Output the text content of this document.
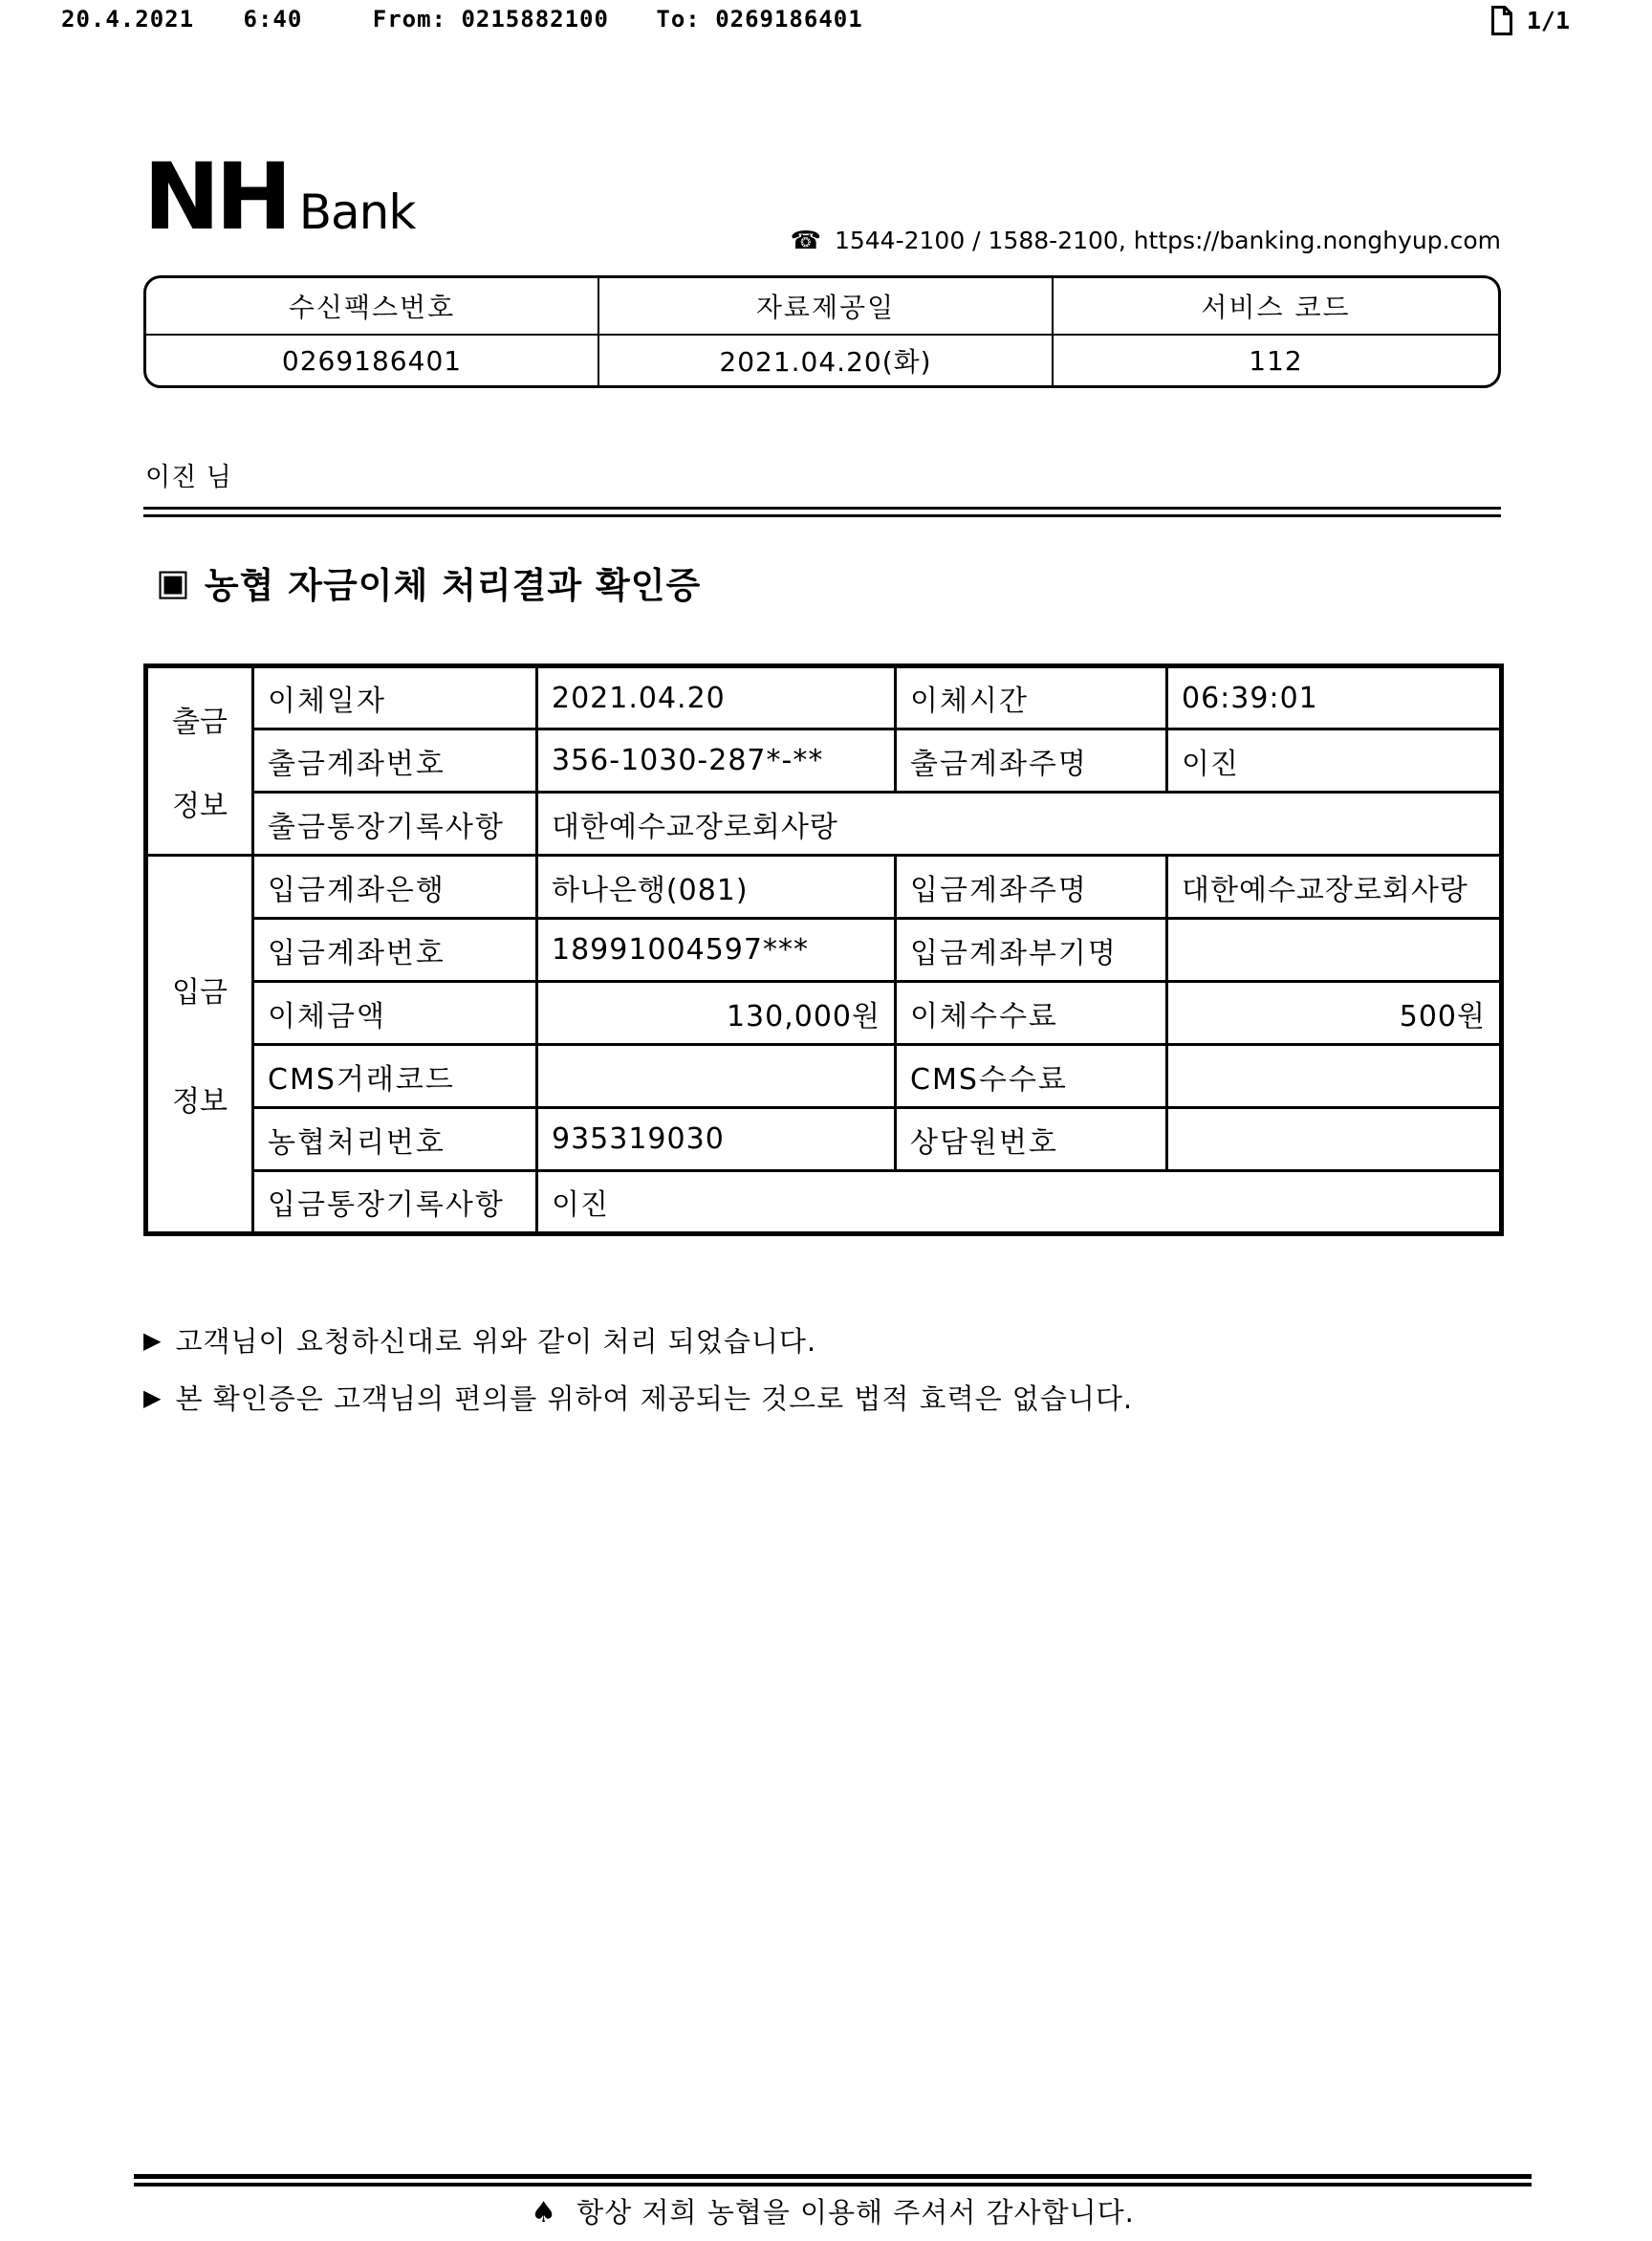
20.4.2021 6:40	From: 0215882100 To: 0269186401	1/1
NH Bank
☎ 1544-2100 / 1588-2100, https://banking.nonghyup.com
수신팩스번호	자료제공일	서비스 코드
0269186401	2021.04.20(화)	112
이진 님
▣ 농협 자금이체 처리결과 확인증
출금
정보	이체일자	2021.04.20	이체시간	06:39:01
	출금계좌번호	356-1030-287*-**	출금계좌주명	이진
	출금통장기록사항	대한예수교장로회사랑		

입금
정보	입금계좌은행	하나은행(081)	입금계좌주명	대한예수교장로회사랑
	입금계좌번호	18991004597***	입금계좌부기명	
	이체금액	130,000원	이체수수료	500원
	CMS거래코드		CMS수수료	
	농협처리번호	935319030	상담원번호	
	입금통장기록사항	이진		
▶ 고객님이 요청하신대로 위와 같이 처리 되었습니다.
▶ 본 확인증은 고객님의 편의를 위하여 제공되는 것으로 법적 효력은 없습니다.
♠ 항상 저희 농협을 이용해 주셔서 감사합니다.
